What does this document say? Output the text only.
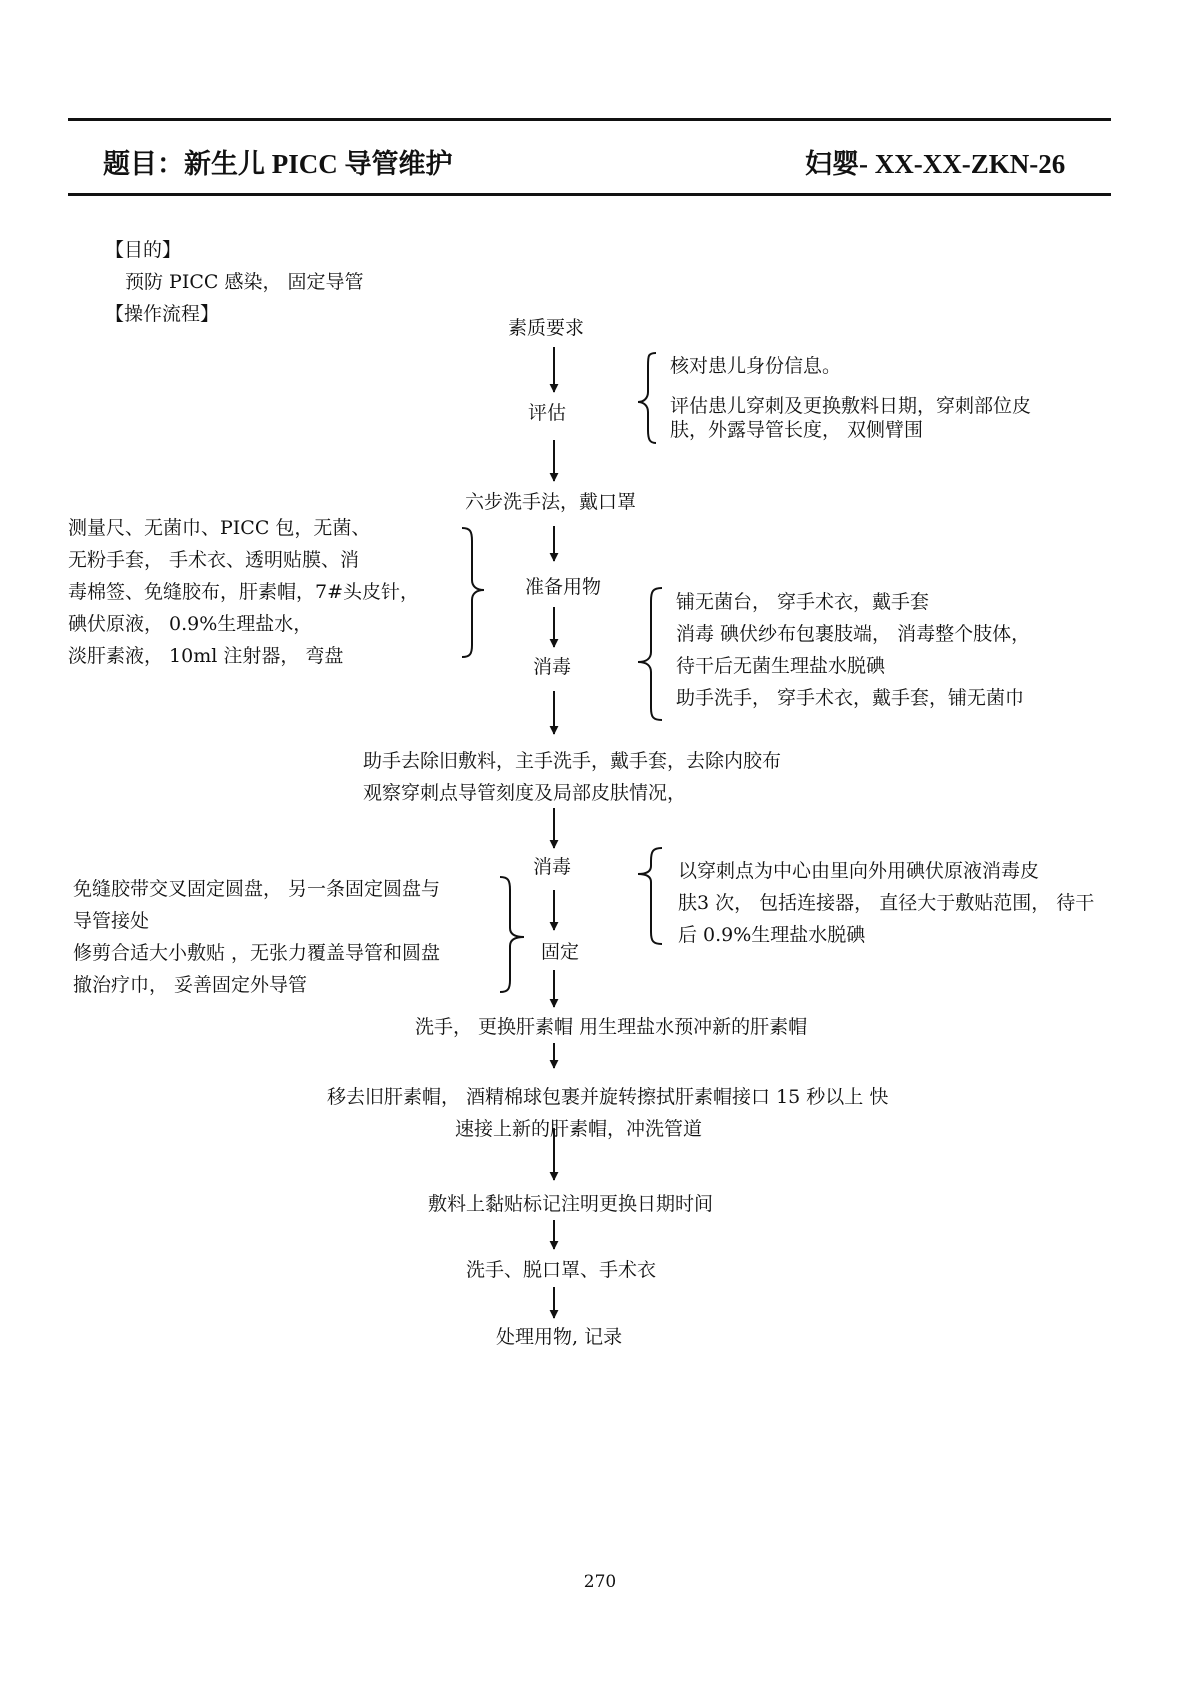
题目：新生儿 PICC 导管维护	妇婴- XX-XX-ZKN-26
【目的】
预防 PICC 感染， 固定导管
【操作流程】
素质要求
评估
六步洗手法，戴口罩
准备用物
消毒
助手去除旧敷料，主手洗手，戴手套，去除内胶布
观察穿刺点导管刻度及局部皮肤情况，
消毒
固定
洗手， 更换肝素帽 用生理盐水预冲新的肝素帽
移去旧肝素帽， 酒精棉球包裹并旋转擦拭肝素帽接口 15 秒以上 快
速接上新的肝素帽，冲洗管道
敷料上黏贴标记注明更换日期时间
洗手、脱口罩、手术衣
处理用物, 记录
核对患儿身份信息。
评估患儿穿刺及更换敷料日期，穿刺部位皮
肤，外露导管长度， 双侧臂围
测量尺、无菌巾、PICC 包，无菌、
无粉手套， 手术衣、透明贴膜、消
毒棉签、免缝胶布，肝素帽，7#头皮针，
碘伏原液， 0.9%生理盐水，
淡肝素液， 10ml 注射器， 弯盘
铺无菌台， 穿手术衣，戴手套
消毒 碘伏纱布包裹肢端， 消毒整个肢体，
待干后无菌生理盐水脱碘
助手洗手， 穿手术衣，戴手套，铺无菌巾
以穿刺点为中心由里向外用碘伏原液消毒皮
肤3 次， 包括连接器， 直径大于敷贴范围， 待干
后 0.9%生理盐水脱碘
免缝胶带交叉固定圆盘， 另一条固定圆盘与
导管接处
修剪合适大小敷贴 ，无张力覆盖导管和圆盘
撤治疗巾， 妥善固定外导管
270
